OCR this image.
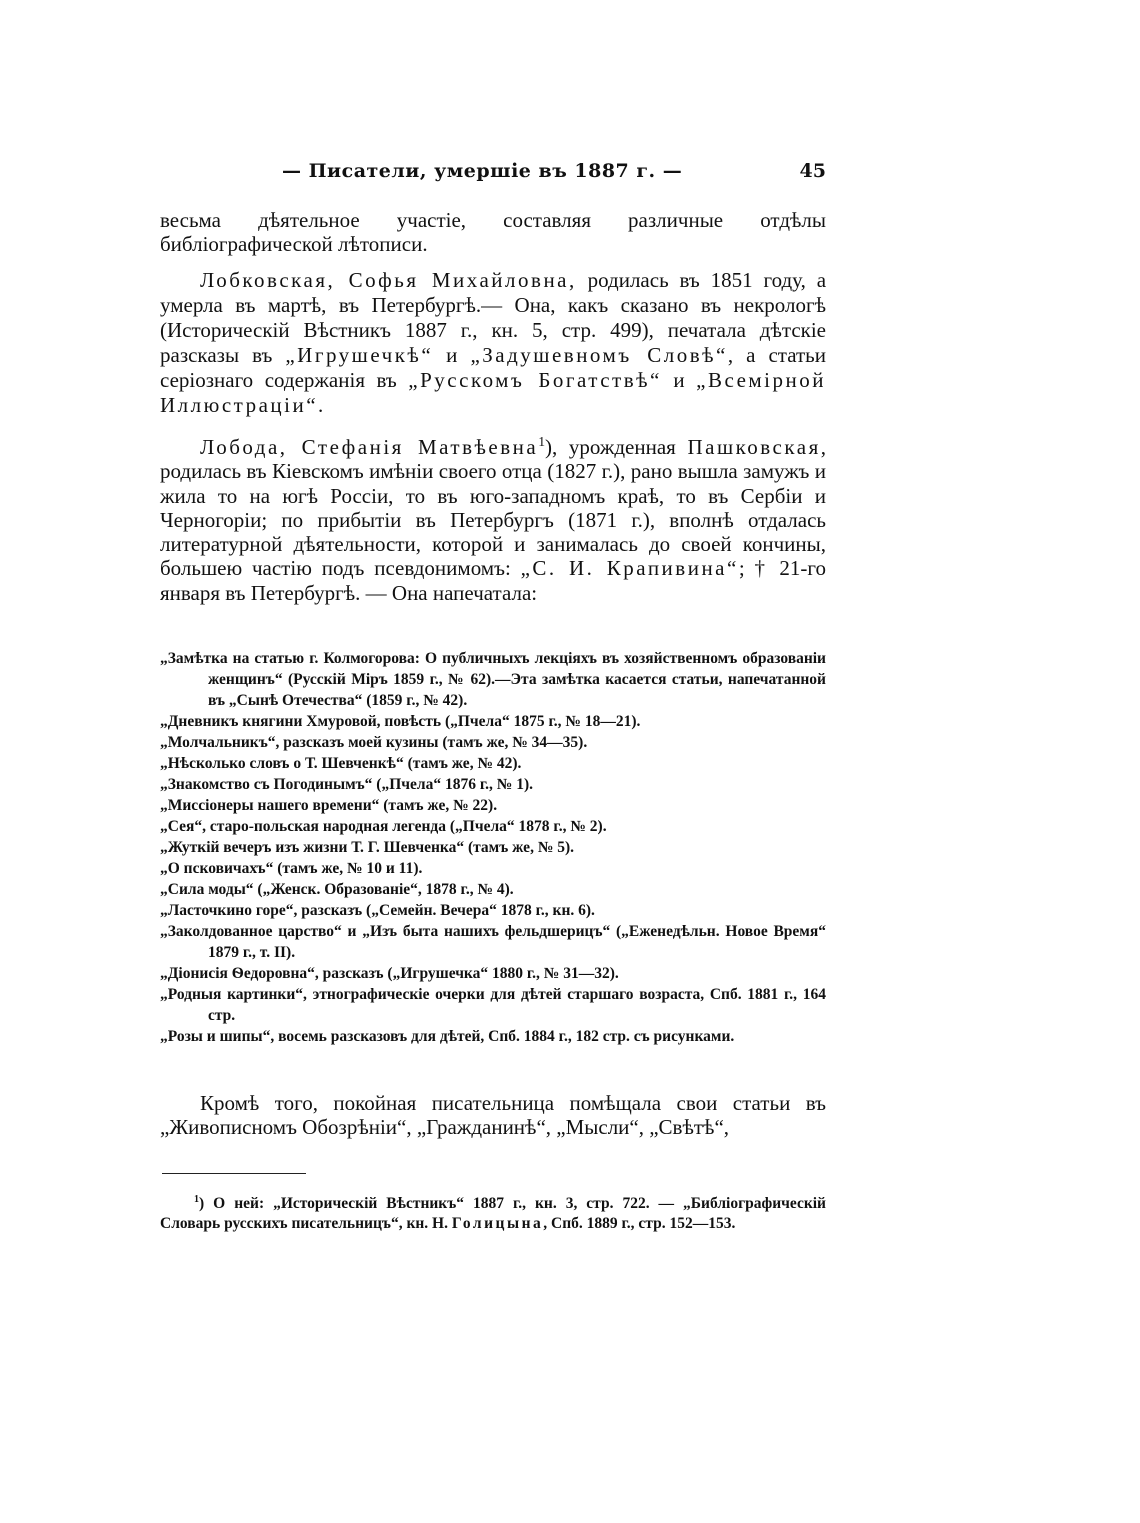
— Писатели, умершіе въ 1887 г. —	45

весьма дѣятельное участіе, составляя различные отдѣлы библіографической лѣтописи.

Лобковская, Софья Михайловна, родилась въ 1851 году, а умерла въ мартѣ, въ Петербургѣ.— Она, какъ сказано въ некрологѣ (Историческій Вѣстникъ 1887 г., кн. 5, стр. 499), печатала дѣтскіе разсказы въ „Игрушечкѣ“ и „Задушевномъ Словѣ“, а статьи серіознаго содержанія въ „Русскомъ Богатствѣ“ и „Всемірной Иллюстраціи“.

Лобода, Стефанія Матвѣевна$^1$), урожденная Пашковская, родилась въ Кіевскомъ имѣніи своего отца (1827 г.), рано вышла замужъ и жила то на югѣ Россіи, то въ юго-западномъ краѣ, то въ Сербіи и Черногоріи; по прибытіи въ Петербургъ (1871 г.), вполнѣ отдалась литературной дѣятельности, которой и занималась до своей кончины, большею частію подъ псевдонимомъ: „С. И. Крапивина“; † 21-го января въ Петербургѣ. — Она напечатала:

„Замѣтка на статью г. Колмогорова: О публичныхъ лекціяхъ въ хозяйственномъ образованіи женщинъ“ (Русскій Міръ 1859 г., № 62).—Эта замѣтка касается статьи, напечатанной въ „Сынѣ Отечества“ (1859 г., № 42).
„Дневникъ княгини Хмуровой, повѣсть („Пчела“ 1875 г., № 18—21).
„Молчальникъ“, разсказъ моей кузины (тамъ же, № 34—35).
„Нѣсколько словъ о Т. Шевченкѣ“ (тамъ же, № 42).
„Знакомство съ Погодинымъ“ („Пчела“ 1876 г., № 1).
„Миссіонеры нашего времени“ (тамъ же, № 22).
„Сея“, старо-польская народная легенда („Пчела“ 1878 г., № 2).
„Жуткій вечеръ изъ жизни Т. Г. Шевченка“ (тамъ же, № 5).
„О псковичахъ“ (тамъ же, № 10 и 11).
„Сила моды“ („Женск. Образованіе“, 1878 г., № 4).
„Ласточкино горе“, разсказъ („Семейн. Вечера“ 1878 г., кн. 6).
„Заколдованное царство“ и „Изъ быта нашихъ фельдшерицъ“ („Еженедѣльн. Новое Время“ 1879 г., т. II).
„Діонисія Ѳедоровна“, разсказъ („Игрушечка“ 1880 г., № 31—32).
„Родныя картинки“, этнографическіе очерки для дѣтей старшаго возраста, Спб. 1881 г., 164 стр.
„Розы и шипы“, восемь разсказовъ для дѣтей, Спб. 1884 г., 182 стр. съ рисунками.

Кромѣ того, покойная писательница помѣщала свои статьи въ „Живописномъ Обозрѣніи“, „Гражданинѣ“, „Мысли“, „Свѣтѣ“,

$^1$) О ней: „Историческій Вѣстникъ“ 1887 г., кн. 3, стр. 722. — „Библіографическій Словарь русскихъ писательницъ“, кн. Н. Голицына, Спб. 1889 г., стр. 152—153.
